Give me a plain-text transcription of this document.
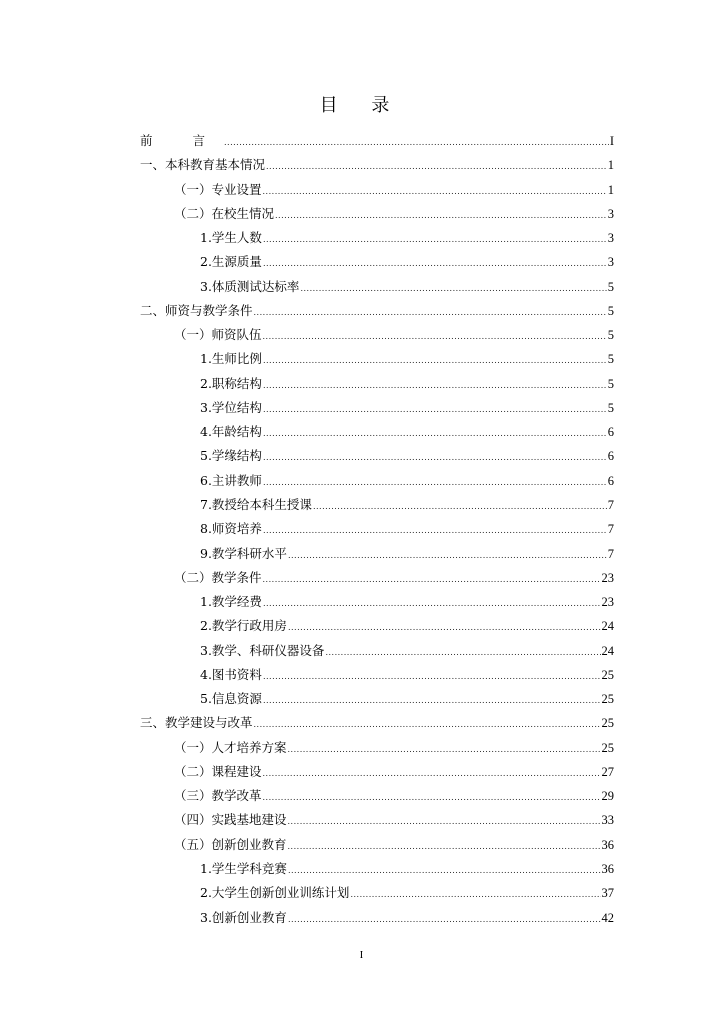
目 录
前 言 .....	I
一、本科教育基本情况 .....	1
（一）专业设置 .....	1
（二）在校生情况 .....	3
1.学生人数 .....	3
2.生源质量 .....	3
3.体质测试达标率 .....	5
二、师资与教学条件 .....	5
（一）师资队伍 .....	5
1.生师比例 .....	5
2.职称结构 .....	5
3.学位结构 .....	5
4.年龄结构 .....	6
5.学缘结构 .....	6
6.主讲教师 .....	6
7.教授给本科生授课 .....	7
8.师资培养 .....	7
9.教学科研水平 .....	7
（二）教学条件 .....	23
1.教学经费 .....	23
2.教学行政用房 .....	24
3.教学、科研仪器设备 .....	24
4.图书资料 .....	25
5.信息资源 .....	25
三、教学建设与改革 .....	25
（一）人才培养方案 .....	25
（二）课程建设 .....	27
（三）教学改革 .....	29
（四）实践基地建设 .....	33
（五）创新创业教育 .....	36
1.学生学科竞赛 .....	36
2.大学生创新创业训练计划 .....	37
3.创新创业教育 .....	42
I
